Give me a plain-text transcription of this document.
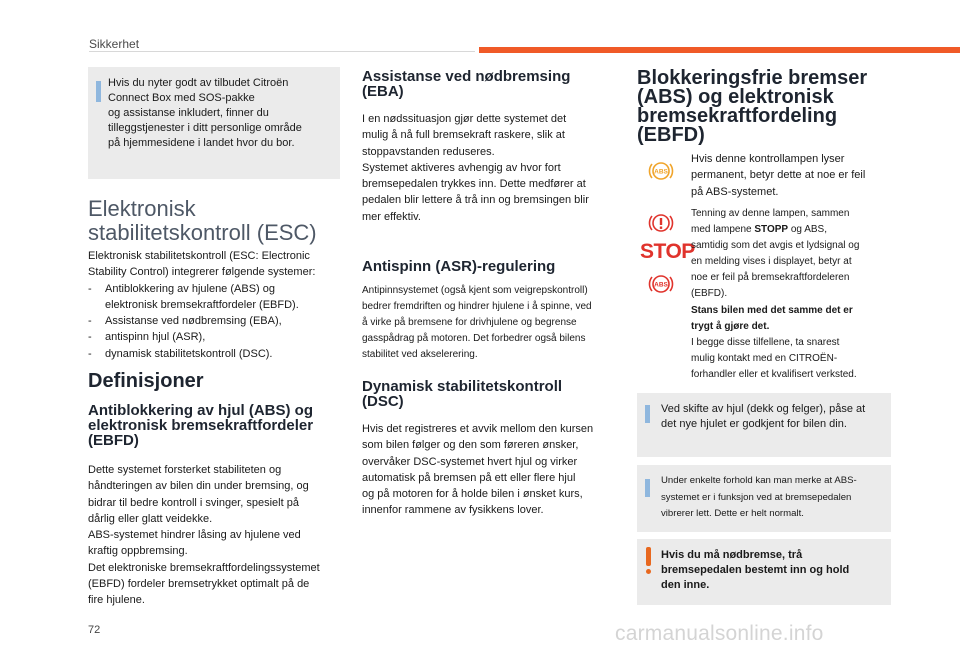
Sikkerhet
72	carmanualsonline.info
Hvis du nyter godt av tilbudet Citroën
Connect Box med SOS-pakke
og assistanse inkludert, finner du
tilleggstjenester i ditt personlige område
på hjemmesidene i landet hvor du bor.
Elektronisk
stabilitetskontroll (ESC)
Elektronisk stabilitetskontroll (ESC: Electronic
Stability Control) integrerer følgende systemer:
- Antiblokkering av hjulene (ABS) og
elektronisk bremsekraftfordeler (EBFD).
- Assistanse ved nødbremsing (EBA),
- antispinn hjul (ASR),
- dynamisk stabilitetskontroll (DSC).
Definisjoner
Antiblokkering av hjul (ABS) og
elektronisk bremsekraftfordeler
(EBFD)
Dette systemet forsterket stabiliteten og
håndteringen av bilen din under bremsing, og
bidrar til bedre kontroll i svinger, spesielt på
dårlig eller glatt veidekke.
ABS-systemet hindrer låsing av hjulene ved
kraftig oppbremsing.
Det elektroniske bremsekraftfordelingssystemet
(EBFD) fordeler bremsetrykket optimalt på de
fire hjulene.
Assistanse ved nødbremsing
(EBA)
I en nødssituasjon gjør dette systemet det
mulig å nå full bremsekraft raskere, slik at
stoppavstanden reduseres.
Systemet aktiveres avhengig av hvor fort
bremsepedalen trykkes inn. Dette medfører at
pedalen blir lettere å trå inn og bremsingen blir
mer effektiv.
Antispinn (ASR)-regulering
Antipinnsystemet (også kjent som veigrepskontroll)
bedrer fremdriften og hindrer hjulene i å spinne, ved
å virke på bremsene for drivhjulene og begrense
gasspådrag på motoren. Det forbedrer også bilens
stabilitet ved akselerering.
Dynamisk stabilitetskontroll
(DSC)
Hvis det registreres et avvik mellom den kursen
som bilen følger og den som føreren ønsker,
overvåker DSC-systemet hvert hjul og virker
automatisk på bremsen på ett eller flere hjul
og på motoren for å holde bilen i ønsket kurs,
innenfor rammene av fysikkens lover.
Blokkeringsfrie bremser
(ABS) og elektronisk
bremsekraftfordeling
(EBFD)
ABS
Hvis denne kontrollampen lyser
permanent, betyr dette at noe er feil
på ABS-systemet.
STOP
ABS
Tenning av denne lampen, sammen
med lampene STOPP og ABS,
samtidig som det avgis et lydsignal og
en melding vises i displayet, betyr at
noe er feil på bremsekraftfordeleren
(EBFD).
Stans bilen med det samme det er
trygt å gjøre det.
I begge disse tilfellene, ta snarest
mulig kontakt med en CITROËN-
forhandler eller et kvalifisert verksted.
Ved skifte av hjul (dekk og felger), påse at
det nye hjulet er godkjent for bilen din.
Under enkelte forhold kan man merke at ABS-
systemet er i funksjon ved at bremsepedalen
vibrerer lett. Dette er helt normalt.
Hvis du må nødbremse, trå
bremsepedalen bestemt inn og hold
den inne.
